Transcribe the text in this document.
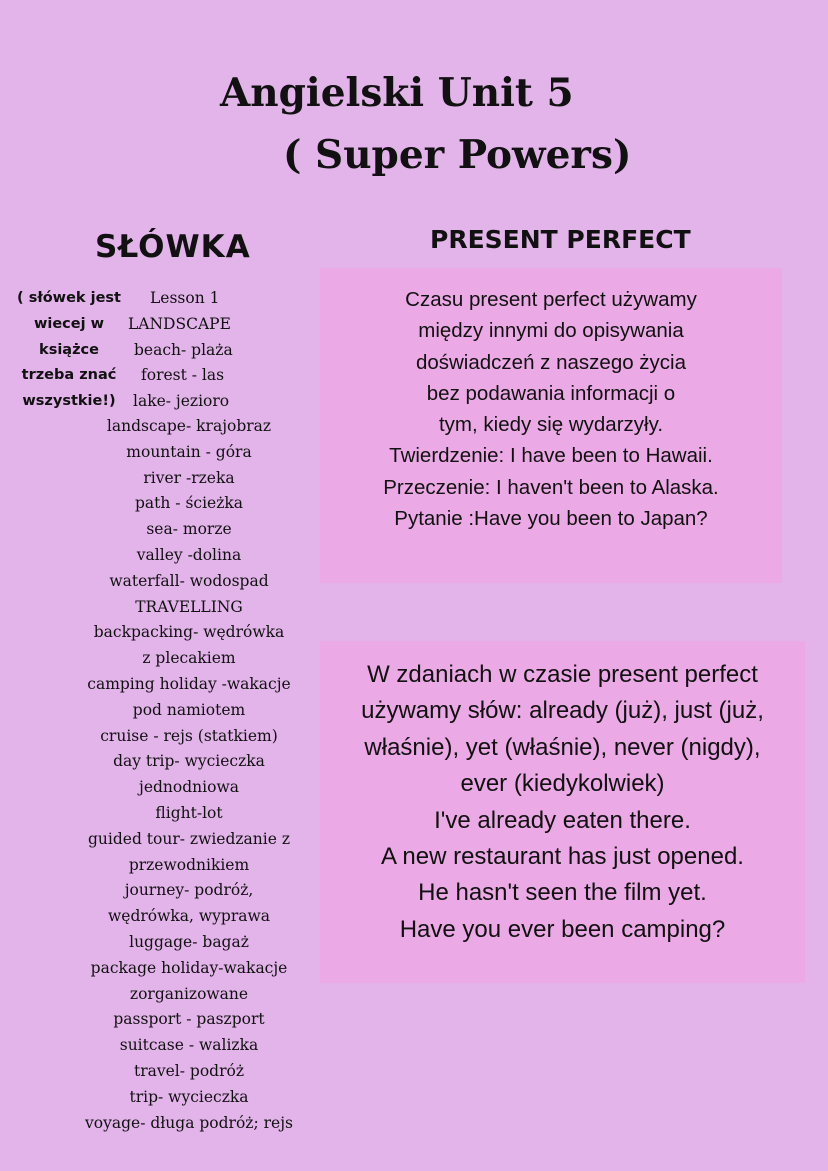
Angielski Unit 5
( Super Powers)
SŁÓWKA	PRESENT PERFECT
( słówek jest
wiecej w
książce
trzeba znać
wszystkie!)
Lesson 1
LANDSCAPE
beach- plaża
forest - las
lake- jezioro
landscape- krajobraz
mountain - góra
river -rzeka
path - ścieżka
sea- morze
valley -dolina
waterfall- wodospad
TRAVELLING
backpacking- wędrówka
z plecakiem
camping holiday -wakacje
pod namiotem
cruise - rejs (statkiem)
day trip- wycieczka
jednodniowa
flight-lot
guided tour- zwiedzanie z
przewodnikiem
journey- podróż,
wędrówka, wyprawa
luggage- bagaż
package holiday-wakacje
zorganizowane
passport - paszport
suitcase - walizka
travel- podróż
trip- wycieczka
voyage- długa podróż; rejs
Czasu present perfect używamy
między innymi do opisywania
doświadczeń z naszego życia
bez podawania informacji o
tym, kiedy się wydarzyły.
Twierdzenie: I have been to Hawaii.
Przeczenie: I haven't been to Alaska.
Pytanie :Have you been to Japan?
W zdaniach w czasie present perfect
używamy słów: already (już), just (już,
właśnie), yet (właśnie), never (nigdy),
ever (kiedykolwiek)
I've already eaten there.
A new restaurant has just opened.
He hasn't seen the film yet.
Have you ever been camping?
